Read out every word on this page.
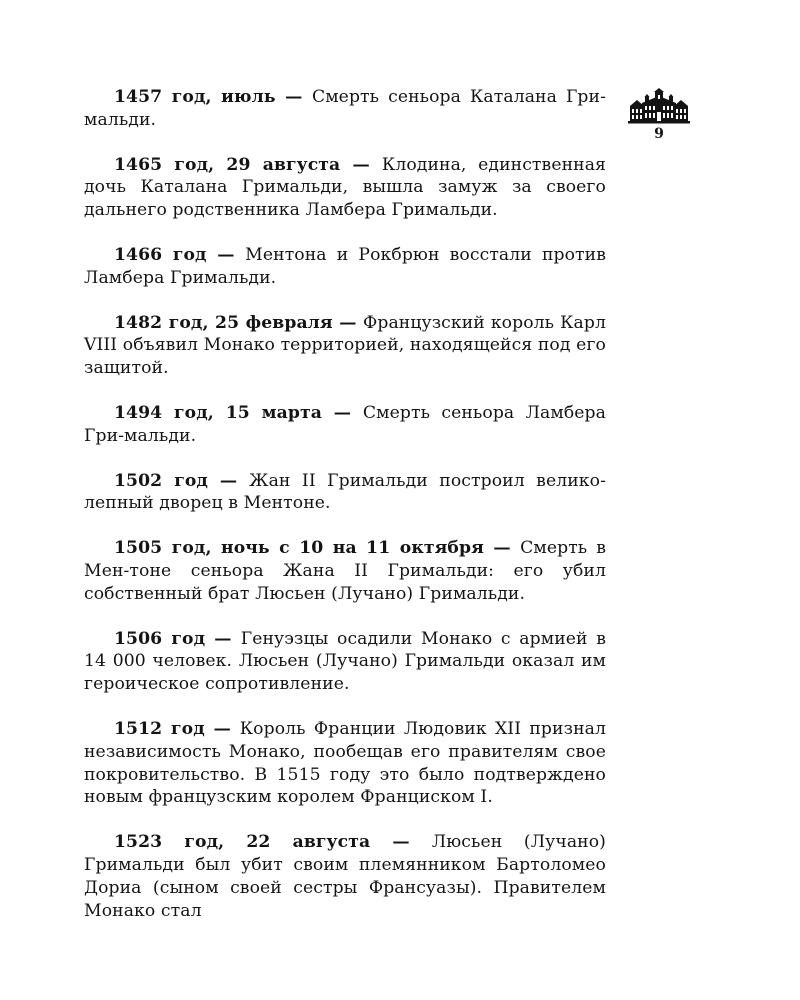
9

1457 год, июль — Смерть сеньора Каталана Гри-мальди.

1465 год, 29 августа — Клодина, единственная дочь Каталана Гримальди, вышла замуж за своего дальнего родственника Ламбера Гримальди.

1466 год — Ментона и Рокбрюн восстали против Ламбера Гримальди.

1482 год, 25 февраля — Французский король Карл VIII объявил Монако территорией, находящейся под его защитой.

1494 год, 15 марта — Смерть сеньора Ламбера Гри-мальди.

1502 год — Жан II Гримальди построил велико-лепный дворец в Ментоне.

1505 год, ночь с 10 на 11 октября — Смерть в Мен-тоне сеньора Жана II Гримальди: его убил собственный брат Люсьен (Лучано) Гримальди.

1506 год — Генуэзцы осадили Монако с армией в 14 000 человек. Люсьен (Лучано) Гримальди оказал им героическое сопротивление.

1512 год — Король Франции Людовик XII признал независимость Монако, пообещав его правителям свое покровительство. В 1515 году это было подтверждено новым французским королем Франциском I.

1523 год, 22 августа — Люсьен (Лучано) Гримальди был убит своим племянником Бартоломео Дориа (сыном своей сестры Франсуазы). Правителем Монако стал
